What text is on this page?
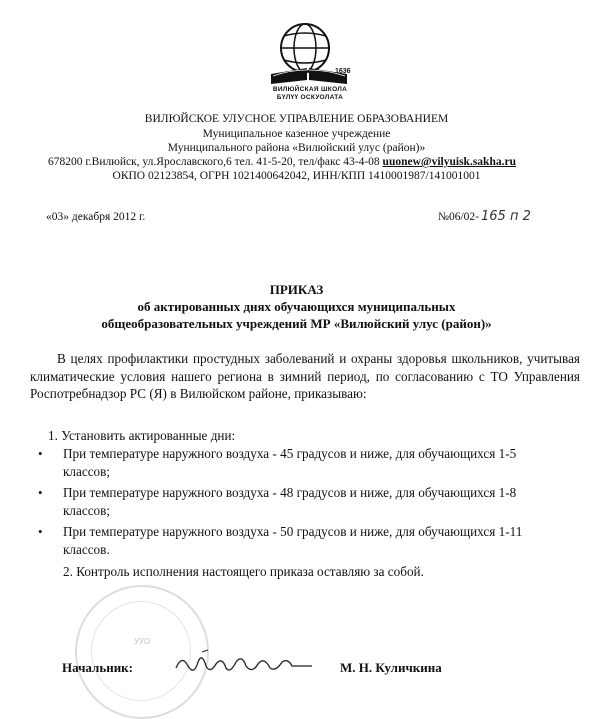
1636
ВИЛЮЙСКАЯ ШКОЛА
БҮЛҮҮ ОСКУОЛАТА
ВИЛЮЙСКОЕ УЛУСНОЕ УПРАВЛЕНИЕ ОБРАЗОВАНИЕМ
Муниципальное казенное учреждение
Муниципального района «Вилюйский улус (район)»
678200 г.Вилюйск, ул.Ярославского,6 тел. 41-5-20, тел/факс 43-4-08 uuonew@vilyuisk.sakha.ru
ОКПО 02123854, ОГРН 1021400642042, ИНН/КПП 1410001987/141001001
«03» декабря 2012 г.	№06/02- 165 п 2
ПРИКАЗ
об актированных днях обучающихся муниципальных
общеобразовательных учреждений МР «Вилюйский улус (район)»
В целях профилактики простудных заболеваний и охраны здоровья школьников, учитывая климатические условия нашего региона в зимний период, по согласованию с ТО Управления Роспотребнадзор РС (Я) в Вилюйском районе, приказываю:
1. Установить актированные дни:
• При температуре наружного воздуха - 45 градусов и ниже, для обучающихся 1-5
классов;
• При температуре наружного воздуха - 48 градусов и ниже, для обучающихся 1-8
классов;
• При температуре наружного воздуха - 50 градусов и ниже, для обучающихся 1-11
классов.
2. Контроль исполнения настоящего приказа оставляю за собой.
УУО
Начальник:	М. Н. Куличкина
